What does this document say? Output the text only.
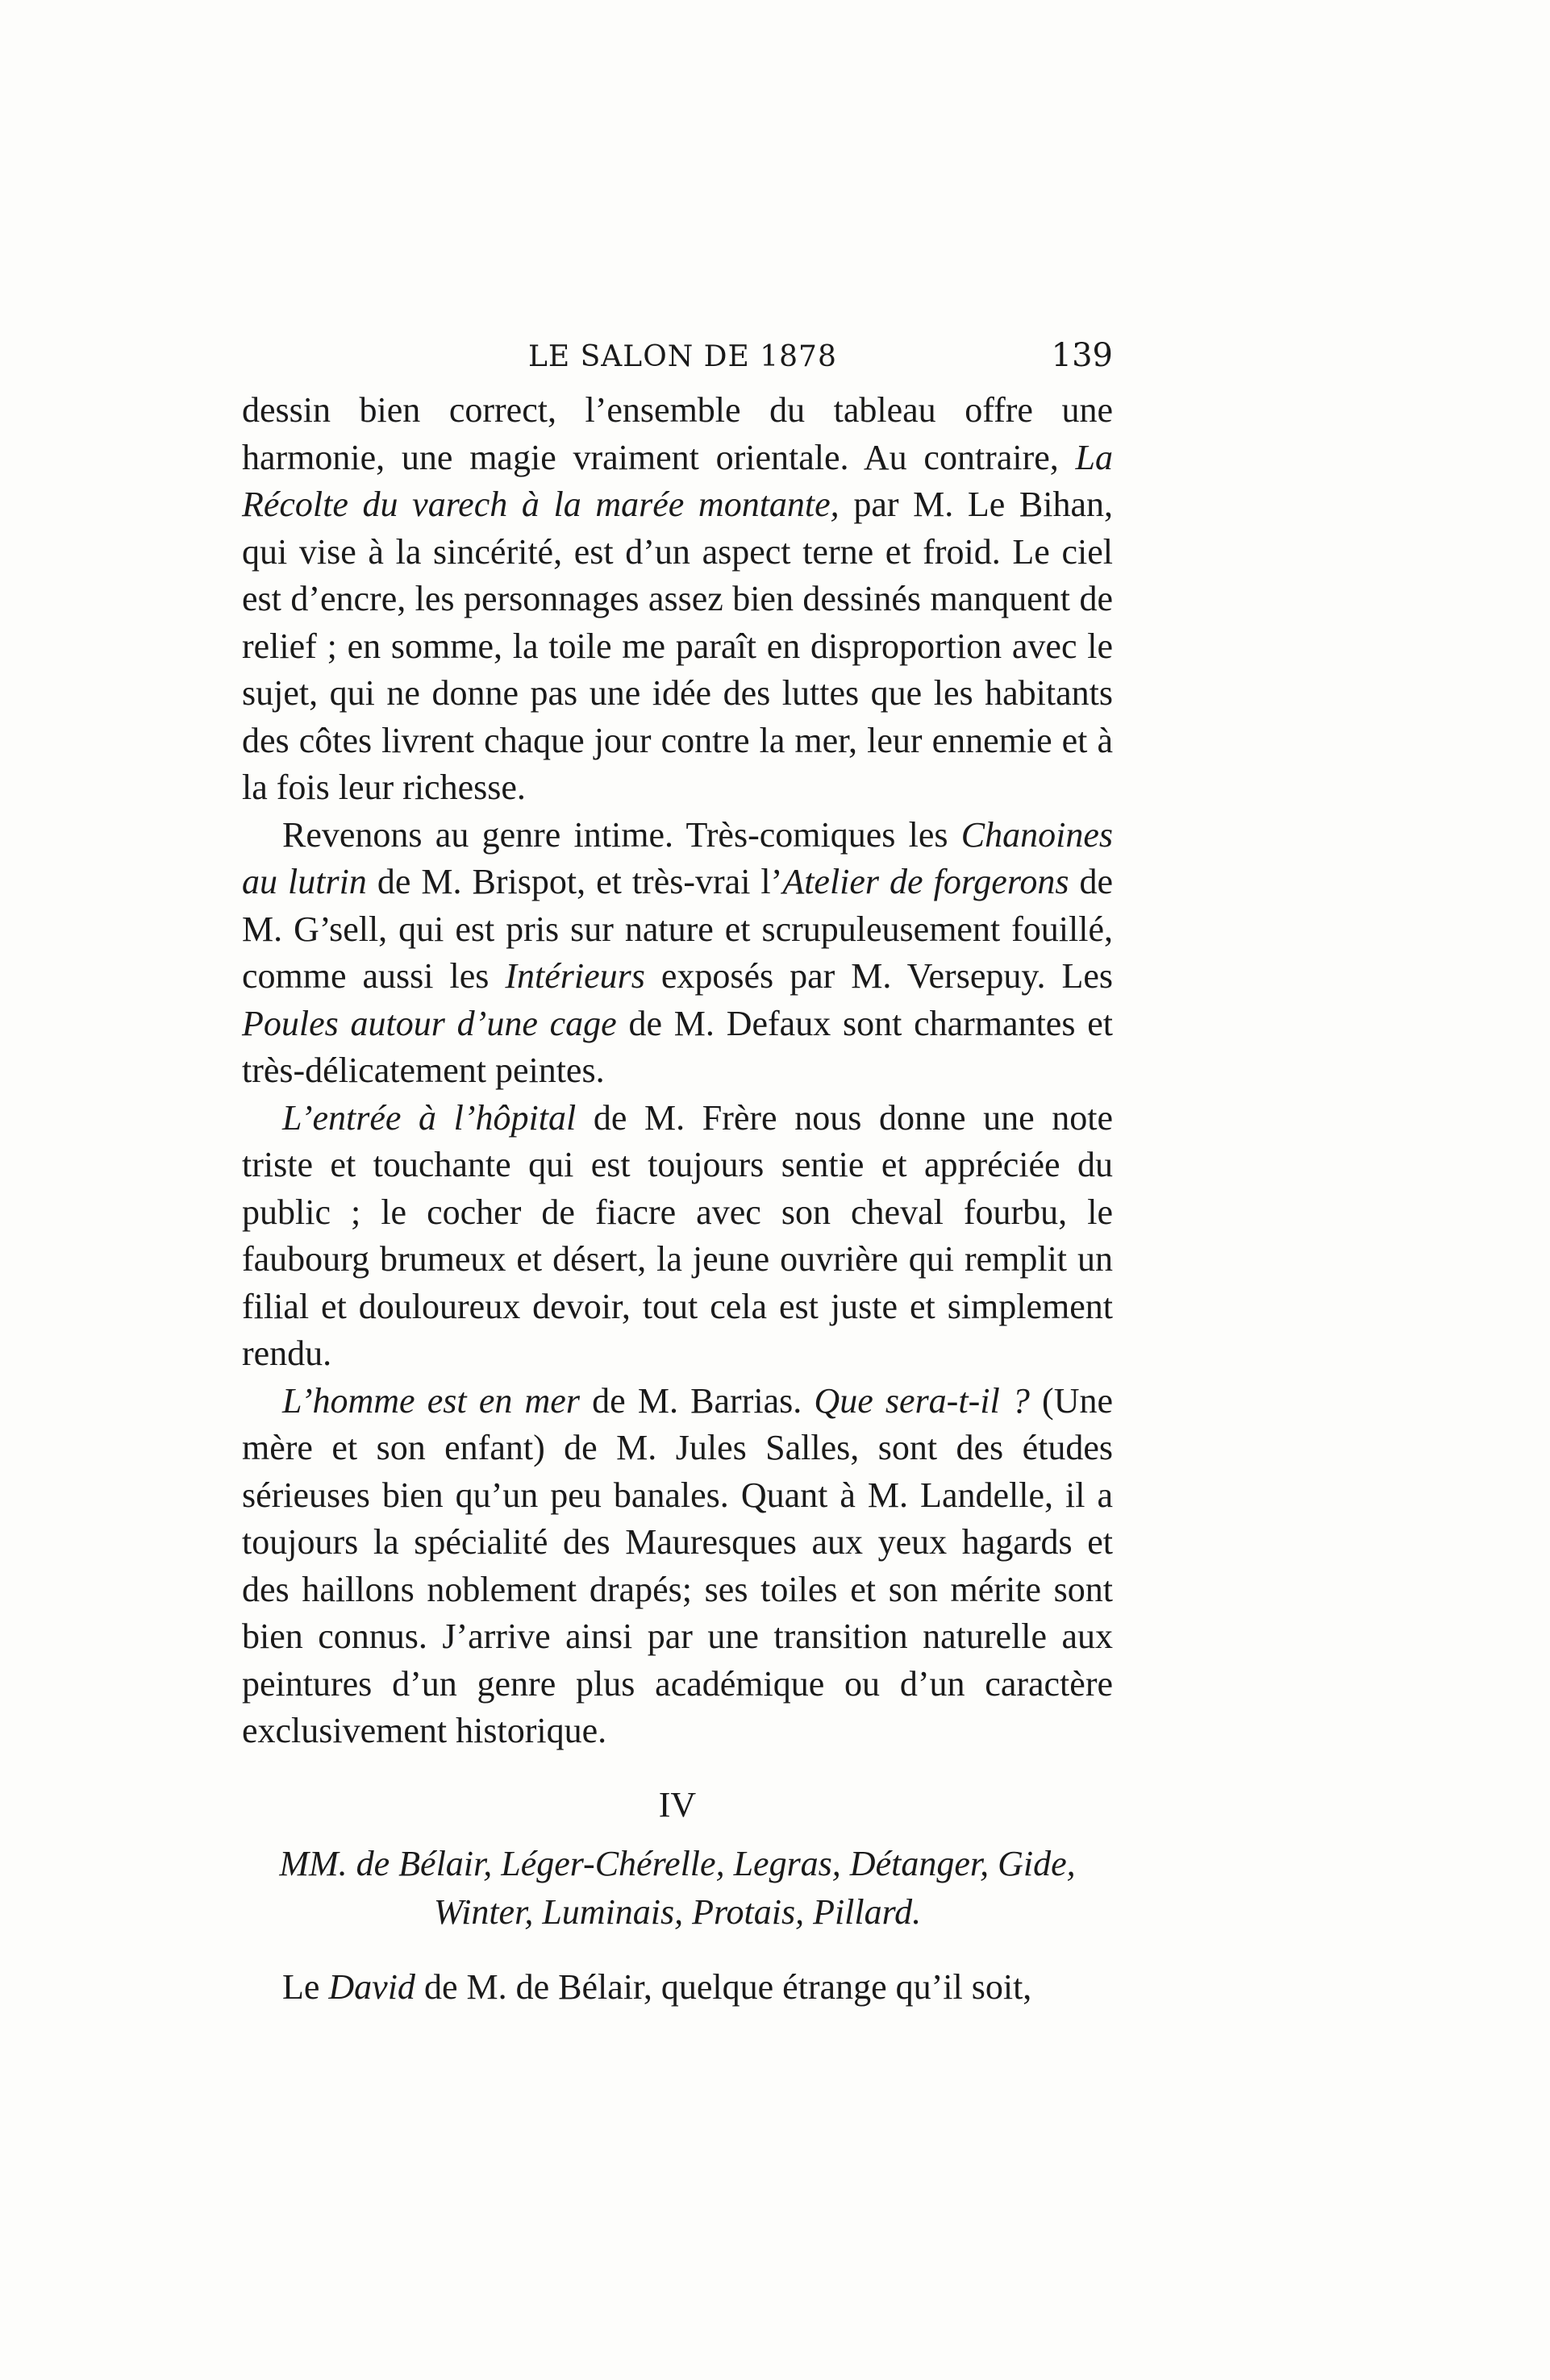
LE SALON DE 1878	139

dessin bien correct, l’ensemble du tableau offre une harmonie, une magie vraiment orientale. Au contraire, La Récolte du varech à la marée montante, par M. Le Bihan, qui vise à la sincérité, est d’un aspect terne et froid. Le ciel est d’encre, les personnages assez bien dessinés manquent de relief ; en somme, la toile me paraît en disproportion avec le sujet, qui ne donne pas une idée des luttes que les habitants des côtes livrent chaque jour contre la mer, leur ennemie et à la fois leur richesse.

Revenons au genre intime. Très-comiques les Chanoines au lutrin de M. Brispot, et très-vrai l’Atelier de forgerons de M. G’sell, qui est pris sur nature et scrupuleusement fouillé, comme aussi les Intérieurs exposés par M. Versepuy. Les Poules autour d’une cage de M. Defaux sont charmantes et très-délicatement peintes.

L’entrée à l’hôpital de M. Frère nous donne une note triste et touchante qui est toujours sentie et appréciée du public ; le cocher de fiacre avec son cheval fourbu, le faubourg brumeux et désert, la jeune ouvrière qui remplit un filial et douloureux devoir, tout cela est juste et simplement rendu.

L’homme est en mer de M. Barrias. Que sera-t-il ? (Une mère et son enfant) de M. Jules Salles, sont des études sérieuses bien qu’un peu banales. Quant à M. Landelle, il a toujours la spécialité des Mauresques aux yeux hagards et des haillons noblement drapés; ses toiles et son mérite sont bien connus. J’arrive ainsi par une transition naturelle aux peintures d’un genre plus académique ou d’un caractère exclusivement historique.

IV
MM. de Bélair, Léger-Chérelle, Legras, Détanger, Gide,
Winter, Luminais, Protais, Pillard.

Le David de M. de Bélair, quelque étrange qu’il soit,
